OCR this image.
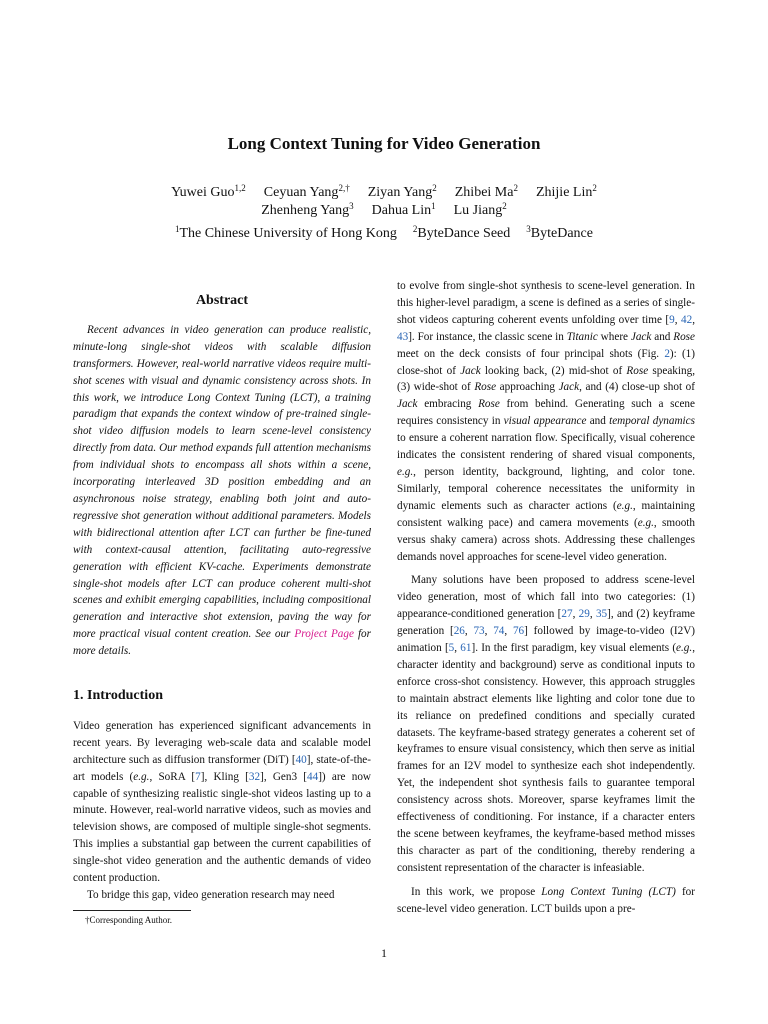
Long Context Tuning for Video Generation
Yuwei Guo$^{1,2}$ Ceyuan Yang$^{2,\dagger}$ Ziyan Yang$^2$ Zhibei Ma$^2$ Zhijie Lin$^2$
Zhenheng Yang$^3$ Dahua Lin$^1$ Lu Jiang$^2$
$^1$The Chinese University of Hong Kong $^2$ByteDance Seed $^3$ByteDance
Abstract

Recent advances in video generation can produce realistic, minute-long single-shot videos with scalable diffusion transformers. However, real-world narrative videos require multi-shot scenes with visual and dynamic consistency across shots. In this work, we introduce Long Context Tuning (LCT), a training paradigm that expands the context window of pre-trained single-shot video diffusion models to learn scene-level consistency directly from data. Our method expands full attention mechanisms from individual shots to encompass all shots within a scene, incorporating interleaved 3D position embedding and an asynchronous noise strategy, enabling both joint and auto-regressive shot generation without additional parameters. Models with bidirectional attention after LCT can further be fine-tuned with context-causal attention, facilitating auto-regressive generation with efficient KV-cache. Experiments demonstrate single-shot models after LCT can produce coherent multi-shot scenes and exhibit emerging capabilities, including compositional generation and interactive shot extension, paving the way for more practical visual content creation. See our Project Page for more details.

1. Introduction

Video generation has experienced significant advancements in recent years. By leveraging web-scale data and scalable model architecture such as diffusion transformer (DiT) [40], state-of-the-art models (e.g., SoRA [7], Kling [32], Gen3 [44]) are now capable of synthesizing realistic single-shot videos lasting up to a minute. However, real-world narrative videos, such as movies and television shows, are composed of multiple single-shot segments. This implies a substantial gap between the current capabilities of single-shot video generation and the authentic demands of video content production.

To bridge this gap, video generation research may need

†Corresponding Author.

to evolve from single-shot synthesis to scene-level generation. In this higher-level paradigm, a scene is defined as a series of single-shot videos capturing coherent events unfolding over time [9, 42, 43]. For instance, the classic scene in Titanic where Jack and Rose meet on the deck consists of four principal shots (Fig. 2): (1) close-shot of Jack looking back, (2) mid-shot of Rose speaking, (3) wide-shot of Rose approaching Jack, and (4) close-up shot of Jack embracing Rose from behind. Generating such a scene requires consistency in visual appearance and temporal dynamics to ensure a coherent narration flow. Specifically, visual coherence indicates the consistent rendering of shared visual components, e.g., person identity, background, lighting, and color tone. Similarly, temporal coherence necessitates the uniformity in dynamic elements such as character actions (e.g., maintaining consistent walking pace) and camera movements (e.g., smooth versus shaky camera) across shots. Addressing these challenges demands novel approaches for scene-level video generation.

Many solutions have been proposed to address scene-level video generation, most of which fall into two categories: (1) appearance-conditioned generation [27, 29, 35], and (2) keyframe generation [26, 73, 74, 76] followed by image-to-video (I2V) animation [5, 61]. In the first paradigm, key visual elements (e.g., character identity and background) serve as conditional inputs to enforce cross-shot consistency. However, this approach struggles to maintain abstract elements like lighting and color tone due to its reliance on predefined conditions and specially curated datasets. The keyframe-based strategy generates a coherent set of keyframes to ensure visual consistency, which then serve as initial frames for an I2V model to synthesize each shot independently. Yet, the independent shot synthesis fails to guarantee temporal consistency across shots. Moreover, sparse keyframes limit the effectiveness of conditioning. For instance, if a character enters the scene between keyframes, the keyframe-based method misses this character as part of the conditioning, thereby rendering a consistent representation of the character is infeasiable.

In this work, we propose Long Context Tuning (LCT) for scene-level video generation. LCT builds upon a pre-

1
